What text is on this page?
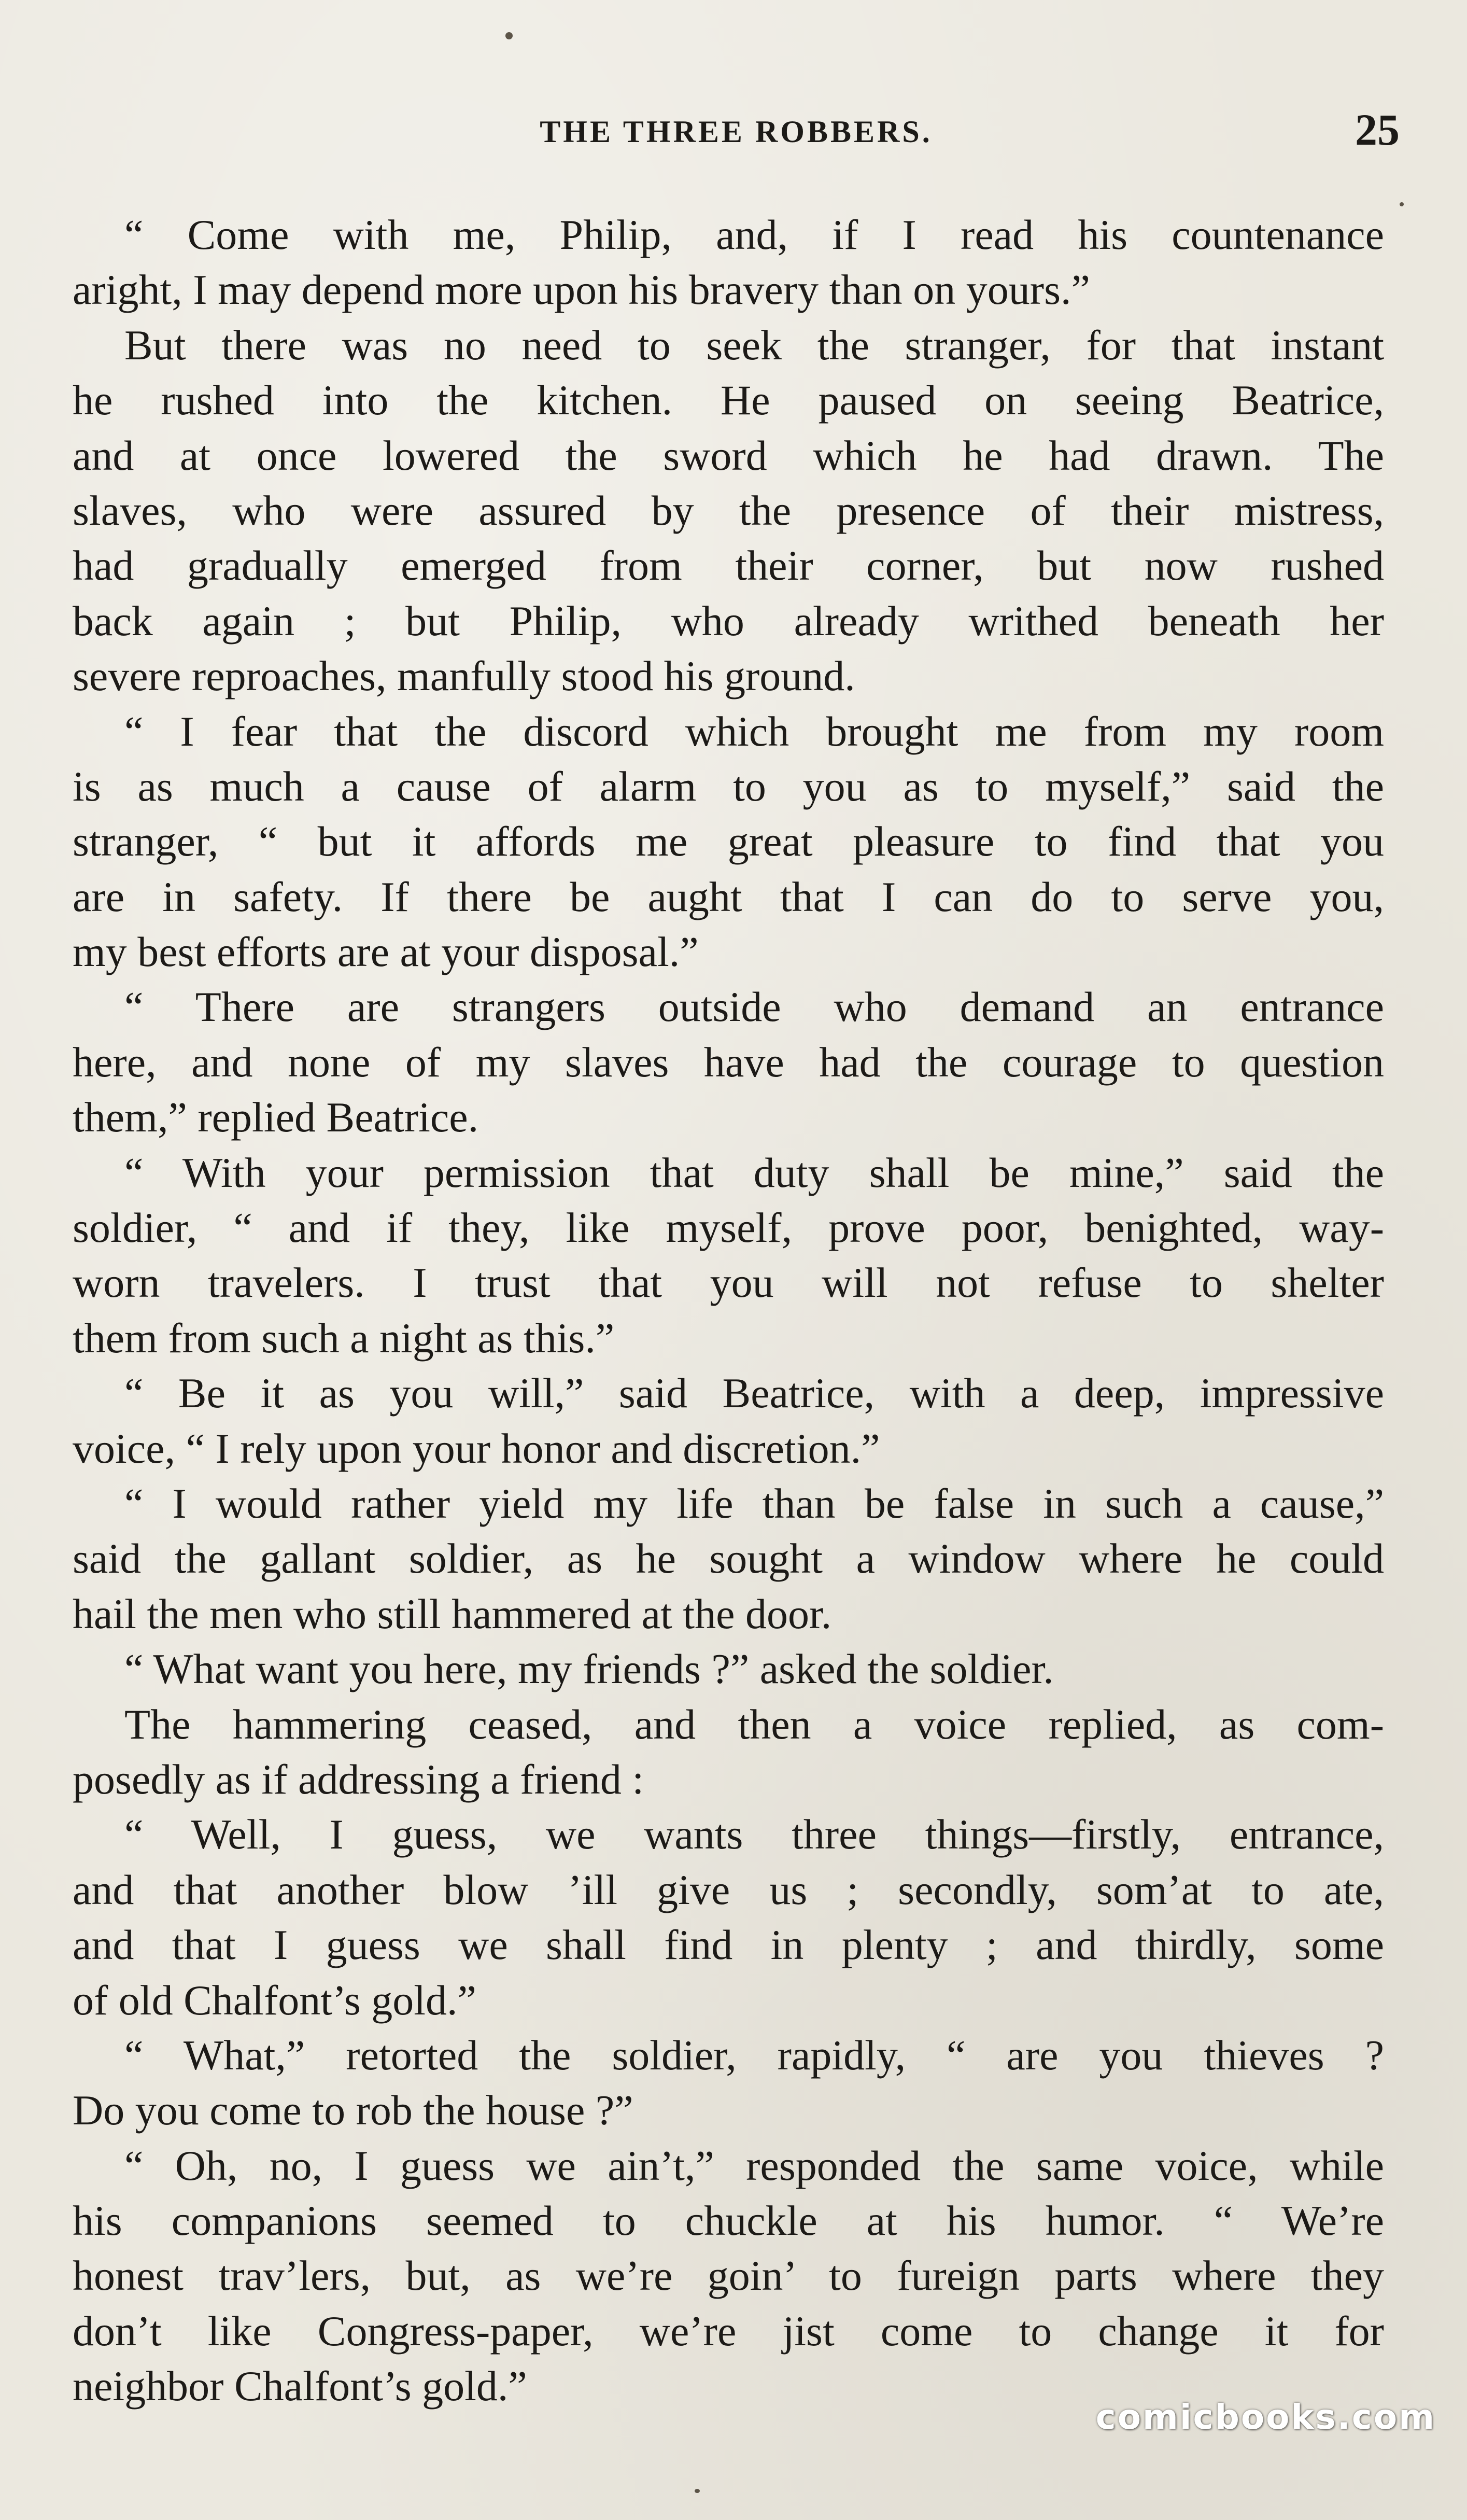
THE THREE ROBBERS.	25
“ Come with me, Philip, and, if I read his countenance
aright, I may depend more upon his bravery than on yours.”
But there was no need to seek the stranger, for that instant
he rushed into the kitchen. He paused on seeing Beatrice,
and at once lowered the sword which he had drawn. The
slaves, who were assured by the presence of their mistress,
had gradually emerged from their corner, but now rushed
back again ; but Philip, who already writhed beneath her
severe reproaches, manfully stood his ground.
“ I fear that the discord which brought me from my room
is as much a cause of alarm to you as to myself,” said the
stranger, “ but it affords me great pleasure to find that you
are in safety. If there be aught that I can do to serve you,
my best efforts are at your disposal.”
“ There are strangers outside who demand an entrance
here, and none of my slaves have had the courage to question
them,” replied Beatrice.
“ With your permission that duty shall be mine,” said the
soldier, “ and if they, like myself, prove poor, benighted, way-
worn travelers. I trust that you will not refuse to shelter
them from such a night as this.”
“ Be it as you will,” said Beatrice, with a deep, impressive
voice, “ I rely upon your honor and discretion.”
“ I would rather yield my life than be false in such a cause,”
said the gallant soldier, as he sought a window where he could
hail the men who still hammered at the door.
“ What want you here, my friends ?” asked the soldier.
The hammering ceased, and then a voice replied, as com-
posedly as if addressing a friend :
“ Well, I guess, we wants three things—firstly, entrance,
and that another blow ’ill give us ; secondly, som’at to ate,
and that I guess we shall find in plenty ; and thirdly, some
of old Chalfont’s gold.”
“ What,” retorted the soldier, rapidly, “ are you thieves ?
Do you come to rob the house ?”
“ Oh, no, I guess we ain’t,” responded the same voice, while
his companions seemed to chuckle at his humor. “ We’re
honest trav’lers, but, as we’re goin’ to fureign parts where they
don’t like Congress-paper, we’re jist come to change it for
neighbor Chalfont’s gold.”
comicbooks.com
